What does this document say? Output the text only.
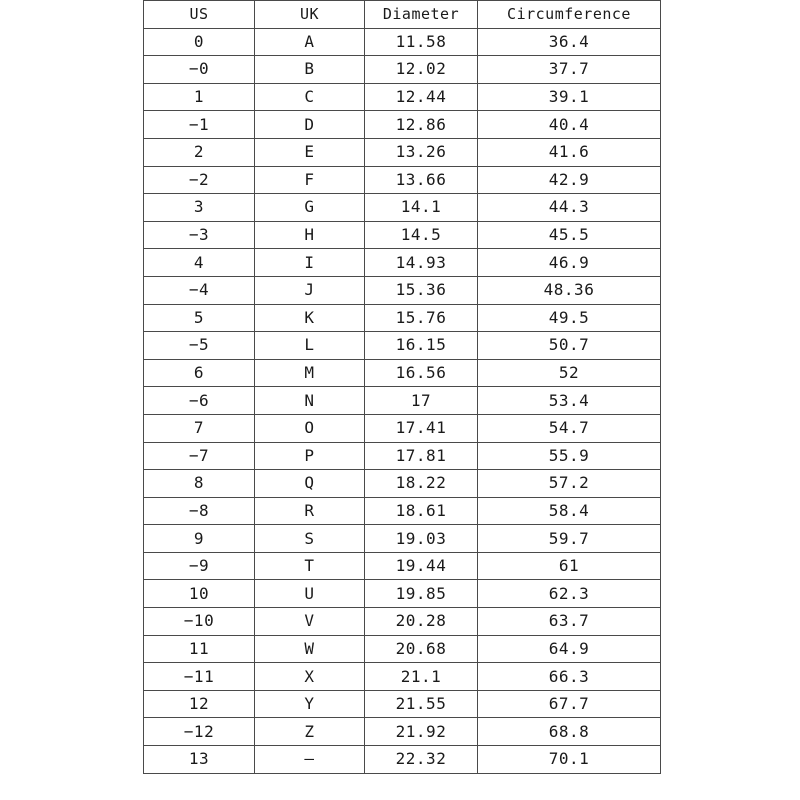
US	UK	Diameter	Circumference
0	A	11.58	36.4
−0	B	12.02	37.7
1	C	12.44	39.1
−1	D	12.86	40.4
2	E	13.26	41.6
−2	F	13.66	42.9
3	G	14.1	44.3
−3	H	14.5	45.5
4	I	14.93	46.9
−4	J	15.36	48.36
5	K	15.76	49.5
−5	L	16.15	50.7
6	M	16.56	52
−6	N	17	53.4
7	O	17.41	54.7
−7	P	17.81	55.9
8	Q	18.22	57.2
−8	R	18.61	58.4
9	S	19.03	59.7
−9	T	19.44	61
10	U	19.85	62.3
−10	V	20.28	63.7
11	W	20.68	64.9
−11	X	21.1	66.3
12	Y	21.55	67.7
−12	Z	21.92	68.8
13	–	22.32	70.1
